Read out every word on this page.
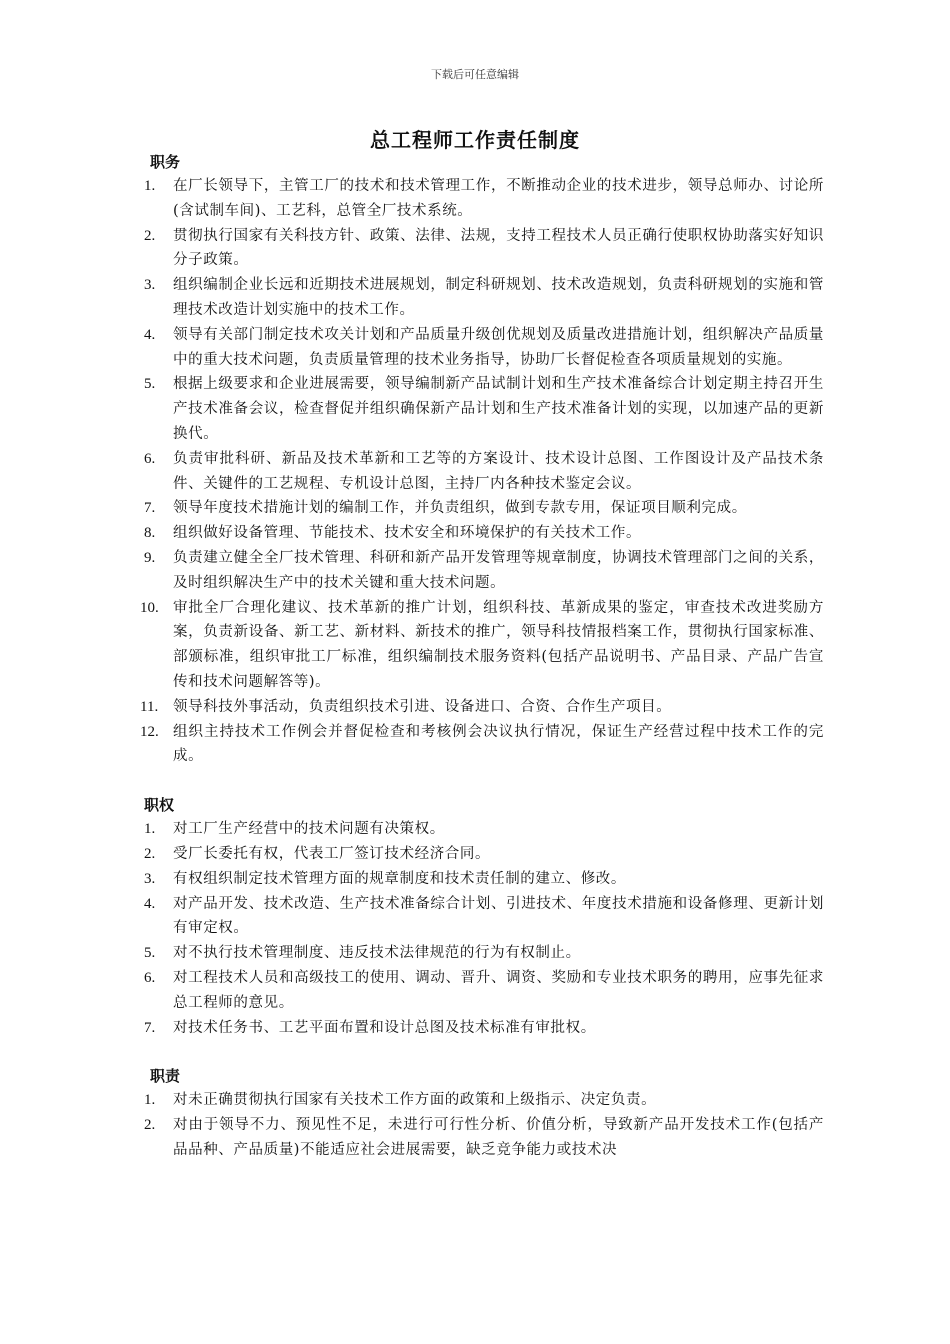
下载后可任意编辑
总工程师工作责任制度
职务
1. 在厂长领导下，主管工厂的技术和技术管理工作，不断推动企业的技术进步，领导总师办、讨论所(含试制车间)、工艺科，总管全厂技术系统。
2. 贯彻执行国家有关科技方针、政策、法律、法规，支持工程技术人员正确行使职权协助落实好知识分子政策。
3. 组织编制企业长远和近期技术进展规划，制定科研规划、技术改造规划，负责科研规划的实施和管理技术改造计划实施中的技术工作。
4. 领导有关部门制定技术攻关计划和产品质量升级创优规划及质量改进措施计划，组织解决产品质量中的重大技术问题，负责质量管理的技术业务指导，协助厂长督促检查各项质量规划的实施。
5. 根据上级要求和企业进展需要，领导编制新产品试制计划和生产技术准备综合计划定期主持召开生产技术准备会议，检查督促并组织确保新产品计划和生产技术准备计划的实现，以加速产品的更新换代。
6. 负责审批科研、新品及技术革新和工艺等的方案设计、技术设计总图、工作图设计及产品技术条件、关键件的工艺规程、专机设计总图，主持厂内各种技术鉴定会议。
7. 领导年度技术措施计划的编制工作，并负责组织，做到专款专用，保证项目顺利完成。
8. 组织做好设备管理、节能技术、技术安全和环境保护的有关技术工作。
9. 负责建立健全全厂技术管理、科研和新产品开发管理等规章制度，协调技术管理部门之间的关系，及时组织解决生产中的技术关键和重大技术问题。
10. 审批全厂合理化建议、技术革新的推广计划，组织科技、革新成果的鉴定，审查技术改进奖励方案，负责新设备、新工艺、新材料、新技术的推广，领导科技情报档案工作，贯彻执行国家标准、部颁标准，组织审批工厂标准，组织编制技术服务资料(包括产品说明书、产品目录、产品广告宣传和技术问题解答等)。
11. 领导科技外事活动，负责组织技术引进、设备进口、合资、合作生产项目。
12. 组织主持技术工作例会并督促检查和考核例会决议执行情况，保证生产经营过程中技术工作的完成。
职权
1. 对工厂生产经营中的技术问题有决策权。
2. 受厂长委托有权，代表工厂签订技术经济合同。
3. 有权组织制定技术管理方面的规章制度和技术责任制的建立、修改。
4. 对产品开发、技术改造、生产技术准备综合计划、引进技术、年度技术措施和设备修理、更新计划有审定权。
5. 对不执行技术管理制度、违反技术法律规范的行为有权制止。
6. 对工程技术人员和高级技工的使用、调动、晋升、调资、奖励和专业技术职务的聘用，应事先征求总工程师的意见。
7. 对技术任务书、工艺平面布置和设计总图及技术标准有审批权。
职责
1. 对未正确贯彻执行国家有关技术工作方面的政策和上级指示、决定负责。
2. 对由于领导不力、预见性不足，未进行可行性分析、价值分析，导致新产品开发技术工作(包括产品品种、产品质量)不能适应社会进展需要，缺乏竞争能力或技术决
